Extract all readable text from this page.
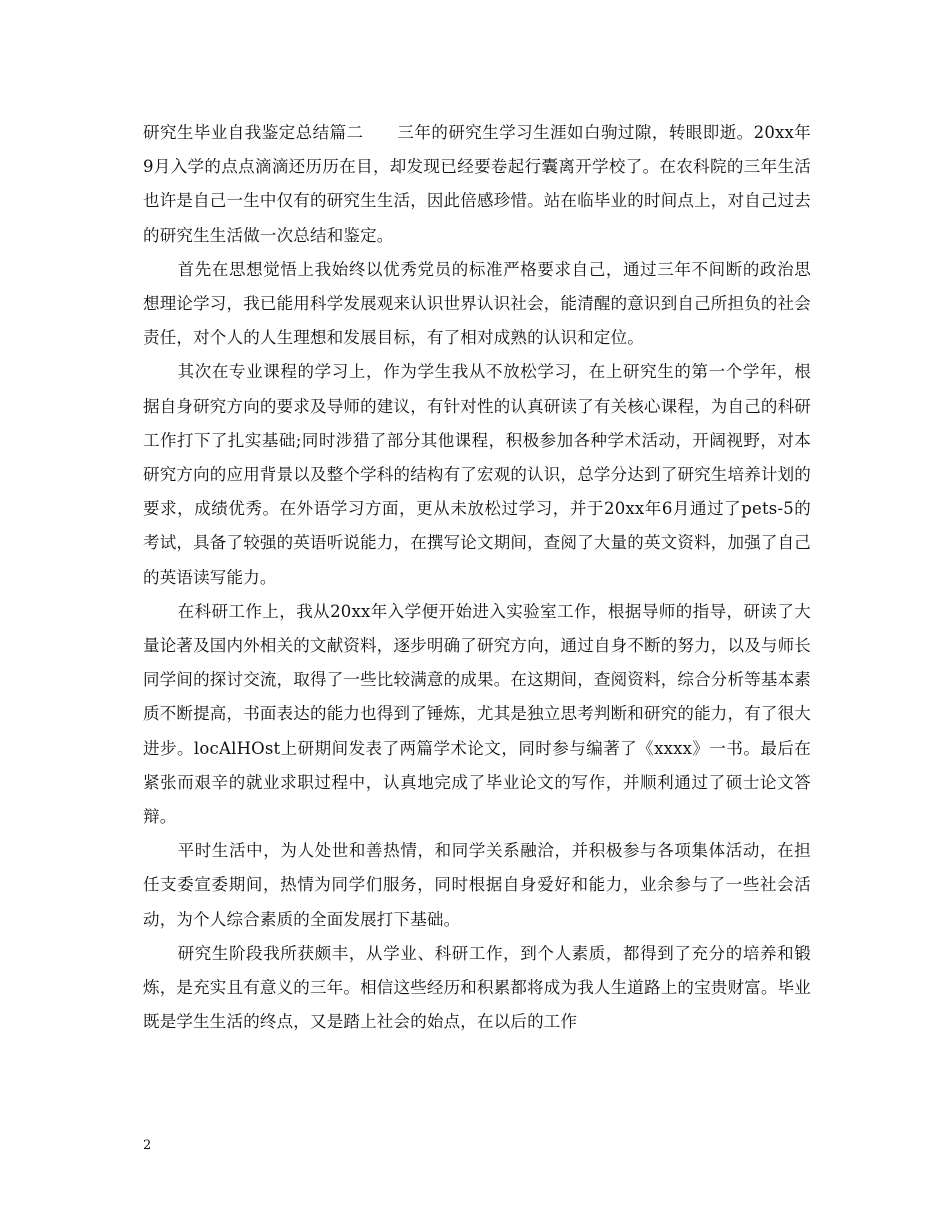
研究生毕业自我鉴定总结篇二　　三年的研究生学习生涯如白驹过隙，转眼即逝。20xx年9月入学的点点滴滴还历历在目，却发现已经要卷起行囊离开学校了。在农科院的三年生活也许是自己一生中仅有的研究生生活，因此倍感珍惜。站在临毕业的时间点上，对自己过去的研究生生活做一次总结和鉴定。

首先在思想觉悟上我始终以优秀党员的标准严格要求自己，通过三年不间断的政治思想理论学习，我已能用科学发展观来认识世界认识社会，能清醒的意识到自己所担负的社会责任，对个人的人生理想和发展目标，有了相对成熟的认识和定位。

其次在专业课程的学习上，作为学生我从不放松学习，在上研究生的第一个学年，根据自身研究方向的要求及导师的建议，有针对性的认真研读了有关核心课程，为自己的科研工作打下了扎实基础;同时涉猎了部分其他课程，积极参加各种学术活动，开阔视野，对本研究方向的应用背景以及整个学科的结构有了宏观的认识，总学分达到了研究生培养计划的要求，成绩优秀。在外语学习方面，更从未放松过学习，并于20xx年6月通过了pets-5的考试，具备了较强的英语听说能力，在撰写论文期间，查阅了大量的英文资料，加强了自己的英语读写能力。

在科研工作上，我从20xx年入学便开始进入实验室工作，根据导师的指导，研读了大量论著及国内外相关的文献资料，逐步明确了研究方向，通过自身不断的努力，以及与师长同学间的探讨交流，取得了一些比较满意的成果。在这期间，查阅资料，综合分析等基本素质不断提高，书面表达的能力也得到了锤炼，尤其是独立思考判断和研究的能力，有了很大进步。locAlHOst上研期间发表了两篇学术论文，同时参与编著了《xxxx》一书。最后在紧张而艰辛的就业求职过程中，认真地完成了毕业论文的写作，并顺利通过了硕士论文答辩。

平时生活中，为人处世和善热情，和同学关系融洽，并积极参与各项集体活动，在担任支委宣委期间，热情为同学们服务，同时根据自身爱好和能力，业余参与了一些社会活动，为个人综合素质的全面发展打下基础。

研究生阶段我所获颇丰，从学业、科研工作，到个人素质，都得到了充分的培养和锻炼，是充实且有意义的三年。相信这些经历和积累都将成为我人生道路上的宝贵财富。毕业既是学生生活的终点，又是踏上社会的始点，在以后的工作

2
